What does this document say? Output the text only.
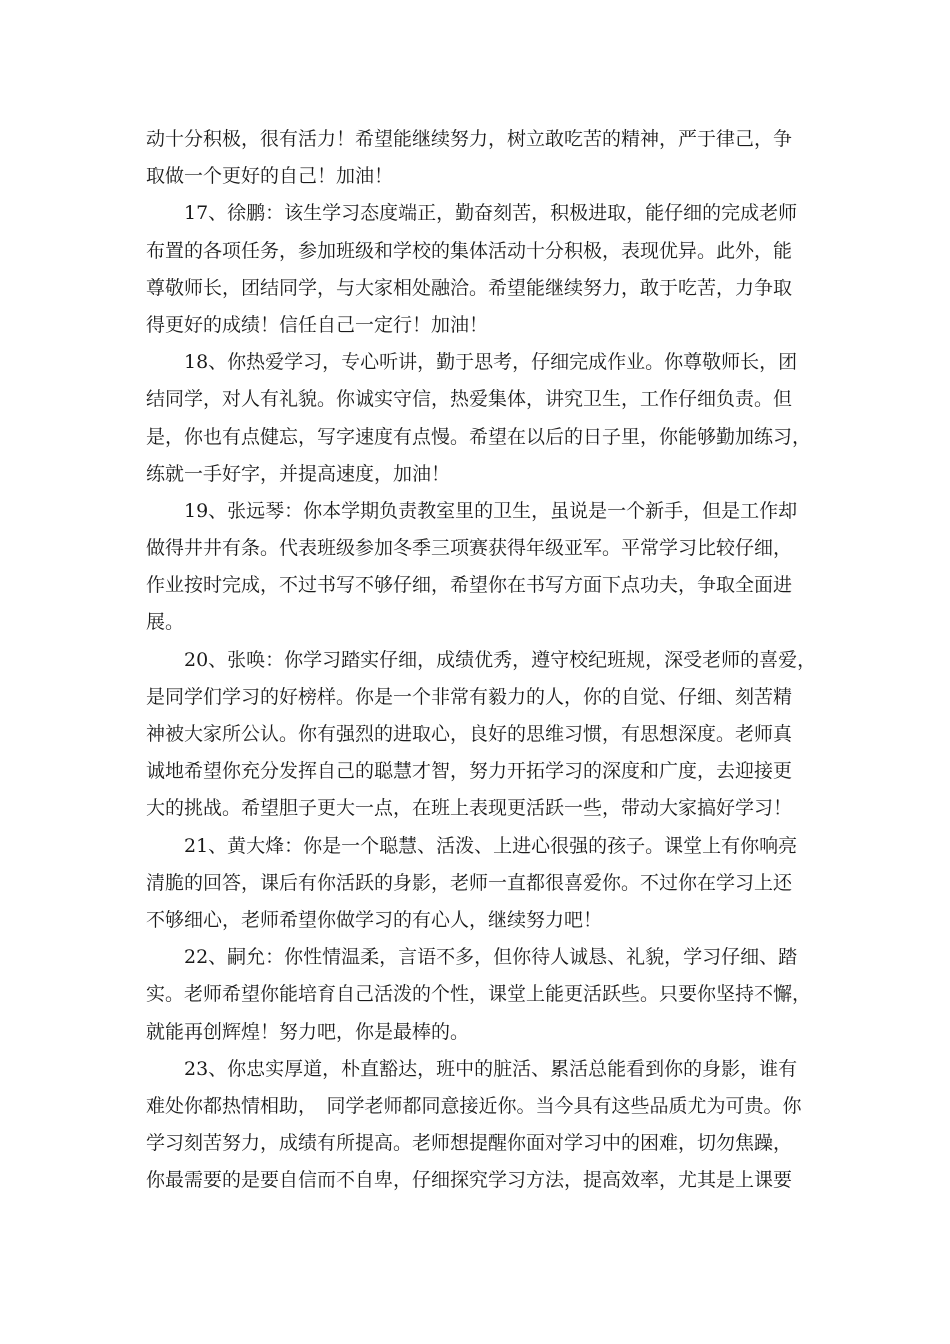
动十分积极，很有活力！希望能继续努力，树立敢吃苦的精神，严于律己，争
取做一个更好的自己！加油！
　　17、徐鹏：该生学习态度端正，勤奋刻苦，积极进取，能仔细的完成老师
布置的各项任务，参加班级和学校的集体活动十分积极，表现优异。此外，能
尊敬师长，团结同学，与大家相处融洽。希望能继续努力，敢于吃苦，力争取
得更好的成绩！信任自己一定行！加油！
　　18、你热爱学习，专心听讲，勤于思考，仔细完成作业。你尊敬师长，团
结同学，对人有礼貌。你诚实守信，热爱集体，讲究卫生，工作仔细负责。但
是，你也有点健忘，写字速度有点慢。希望在以后的日子里，你能够勤加练习，
练就一手好字，并提高速度，加油！
　　19、张远琴：你本学期负责教室里的卫生，虽说是一个新手，但是工作却
做得井井有条。代表班级参加冬季三项赛获得年级亚军。平常学习比较仔细，
作业按时完成，不过书写不够仔细，希望你在书写方面下点功夫，争取全面进
展。
　　20、张唤：你学习踏实仔细，成绩优秀，遵守校纪班规，深受老师的喜爱，
是同学们学习的好榜样。你是一个非常有毅力的人，你的自觉、仔细、刻苦精
神被大家所公认。你有强烈的进取心，良好的思维习惯，有思想深度。老师真
诚地希望你充分发挥自己的聪慧才智，努力开拓学习的深度和广度，去迎接更
大的挑战。希望胆子更大一点，在班上表现更活跃一些，带动大家搞好学习！
　　21、黄大烽：你是一个聪慧、活泼、上进心很强的孩子。课堂上有你响亮
清脆的回答，课后有你活跃的身影，老师一直都很喜爱你。不过你在学习上还
不够细心，老师希望你做学习的有心人，继续努力吧！
　　22、嗣允：你性情温柔，言语不多，但你待人诚恳、礼貌，学习仔细、踏
实。老师希望你能培育自己活泼的个性，课堂上能更活跃些。只要你坚持不懈，
就能再创辉煌！努力吧，你是最棒的。
　　23、你忠实厚道，朴直豁达，班中的脏活、累活总能看到你的身影，谁有
难处你都热情相助，　同学老师都同意接近你。当今具有这些品质尤为可贵。你
学习刻苦努力，成绩有所提高。老师想提醒你面对学习中的困难，切勿焦躁，
你最需要的是要自信而不自卑，仔细探究学习方法，提高效率，尤其是上课要
